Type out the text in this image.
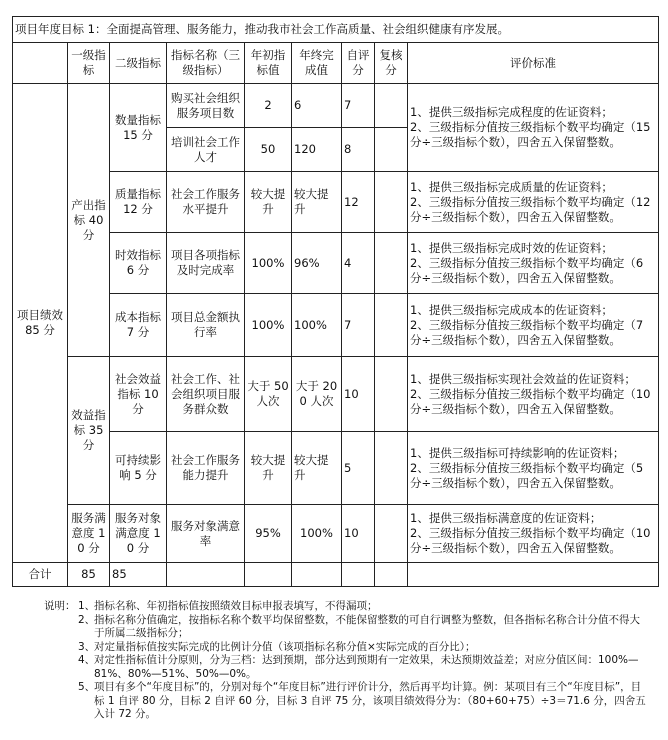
项目年度目标 1：全面提高管理、服务能力，推动我市社会工作高质量、社会组织健康有序发展。								
	一级指标	二级指标	指标名称（三级指标）	年初指标值	年终完成值	自评分	复核分	评价标准
项目绩效 85 分	产出指标 40 分	数量指标 15 分	购买社会组织服务项目数	2	6	7		1、提供三级指标完成程度的佐证资料；
2、三级指标分值按三级指标个数平均确定（15 分÷三级指标个数），四舍五入保留整数。

			培训社会工作人才	50	120	8		
		质量指标 12 分	社会工作服务水平提升	较大提升	较大提升	12		1、提供三级指标完成质量的佐证资料；
2、三级指标分值按三级指标个数平均确定（12 分÷三级指标个数），四舍五入保留整数。

		时效指标 6 分	项目各项指标及时完成率	100%	96%	4		1、提供三级指标完成时效的佐证资料；
2、三级指标分值按三级指标个数平均确定（6 分÷三级指标个数），四舍五入保留整数。

		成本指标 7 分	项目总金额执行率	100%	100%	7		1、提供三级指标完成成本的佐证资料；
2、三级指标分值按三级指标个数平均确定（7 分÷三级指标个数），四舍五入保留整数。

	效益指标 35 分	社会效益指标 10 分	社会工作、社会组织项目服务群众数	大于 50 人次	大于 200 人次	10		1、提供三级指标实现社会效益的佐证资料；
2、三级指标分值按三级指标个数平均确定（10 分÷三级指标个数），四舍五入保留整数。

		可持续影响 5 分	社会工作服务能力提升	较大提升	较大提升	5		1、提供三级指标可持续影响的佐证资料；
2、三级指标分值按三级指标个数平均确定（5 分÷三级指标个数），四舍五入保留整数。

	服务满意度 10 分	服务对象满意度 10 分	服务对象满意率	95%	100%	10		1、提供三级指标满意度的佐证资料；
2、三级指标分值按三级指标个数平均确定（10 分÷三级指标个数），四舍五入保留整数。

合计	85	85						
说明： 1、
指标名称、年初指标值按照绩效目标申报表填写，不得漏项；
2、
指标名称分值确定，按指标名称个数平均保留整数，不能保留整数的可自行调整为整数，但各指标名称合计分值不得大于所属二级指标分；
3、
对定量指标值按实际完成的比例计分值（该项指标名称分值×实际完成的百分比）；
4、
对定性指标值计分原则，分为三档：达到预期，部分达到预期有一定效果，未达预期效益差；对应分值区间：100%—81%、80%—51%、50%—0%。
5、
项目有多个“年度目标”的，分别对每个“年度目标”进行评价计分，然后再平均计算。例：某项目有三个“年度目标”，目标 1 自评 80 分，目标 2 自评 60 分，目标 3 自评 75 分，该项目绩效得分为：（80+60+75）÷3＝71.6 分，四舍五入计 72 分。
